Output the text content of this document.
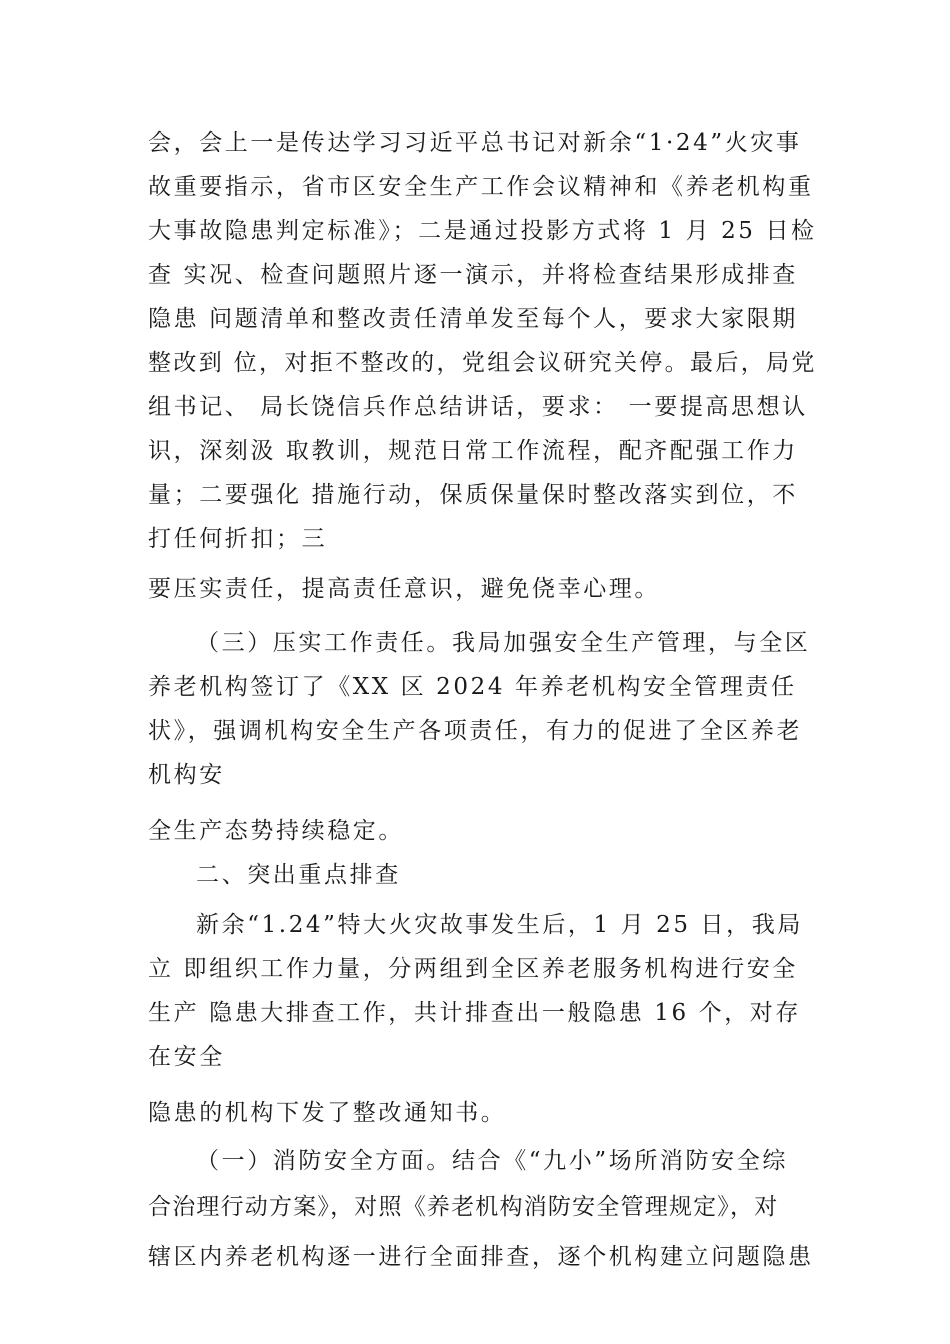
会，会上一是传达学习习近平总书记对新余“1·24”火灾事
故重要指示，省市区安全生产工作会议精神和《养老机构重
大事故隐患判定标准》；二是通过投影方式将 1 月 25 日检
查 实况、检查问题照片逐一演示，并将检查结果形成排查
隐患 问题清单和整改责任清单发至每个人，要求大家限期
整改到 位，对拒不整改的，党组会议研究关停。最后，局党
组书记、 局长饶信兵作总结讲话，要求： 一要提高思想认
识，深刻汲 取教训，规范日常工作流程，配齐配强工作力
量；二要强化 措施行动，保质保量保时整改落实到位，不
打任何折扣；三
要压实责任，提高责任意识，避免侥幸心理。
（三）压实工作责任。我局加强安全生产管理，与全区
养老机构签订了《XX 区 2024 年养老机构安全管理责任
状》，强调机构安全生产各项责任，有力的促进了全区养老
机构安
全生产态势持续稳定。
二、突出重点排查
新余“1.24”特大火灾故事发生后，1 月 25 日，我局
立 即组织工作力量，分两组到全区养老服务机构进行安全
生产 隐患大排查工作，共计排查出一般隐患 16 个，对存
在安全
隐患的机构下发了整改通知书。
（一）消防安全方面。结合《“九小”场所消防安全综
合治理行动方案》，对照《养老机构消防安全管理规定》，对
辖区内养老机构逐一进行全面排查，逐个机构建立问题隐患
